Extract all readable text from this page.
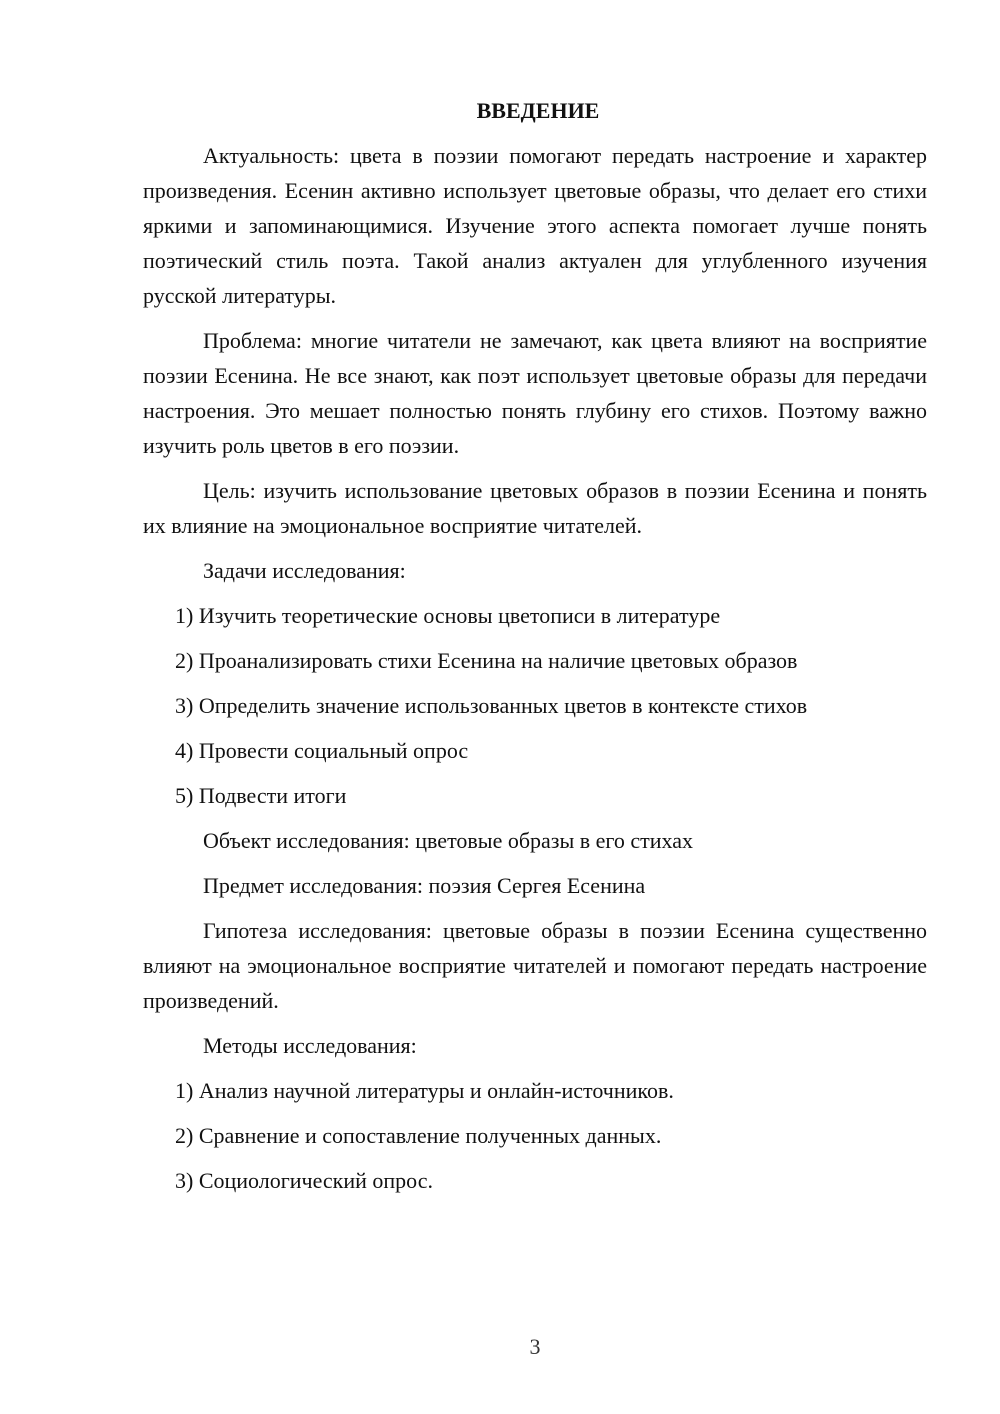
ВВЕДЕНИЕ

Актуальность: цвета в поэзии помогают передать настроение и характер произведения. Есенин активно использует цветовые образы, что делает его стихи яркими и запоминающимися. Изучение этого аспекта помогает лучше понять поэтический стиль поэта. Такой анализ актуален для углубленного изучения русской литературы.

Проблема: многие читатели не замечают, как цвета влияют на восприятие поэзии Есенина. Не все знают, как поэт использует цветовые образы для передачи настроения. Это мешает полностью понять глубину его стихов. Поэтому важно изучить роль цветов в его поэзии.

Цель: изучить использование цветовых образов в поэзии Есенина и понять их влияние на эмоциональное восприятие читателей.

Задачи исследования:

1) Изучить теоретические основы цветописи в литературе

2) Проанализировать стихи Есенина на наличие цветовых образов

3) Определить значение использованных цветов в контексте стихов

4) Провести социальный опрос

5) Подвести итоги

Объект исследования: цветовые образы в его стихах

Предмет исследования: поэзия Сергея Есенина

Гипотеза исследования: цветовые образы в поэзии Есенина существенно влияют на эмоциональное восприятие читателей и помогают передать настроение произведений.

Методы исследования:

1) Анализ научной литературы и онлайн-источников.

2) Сравнение и сопоставление полученных данных.

3) Социологический опрос.

3
